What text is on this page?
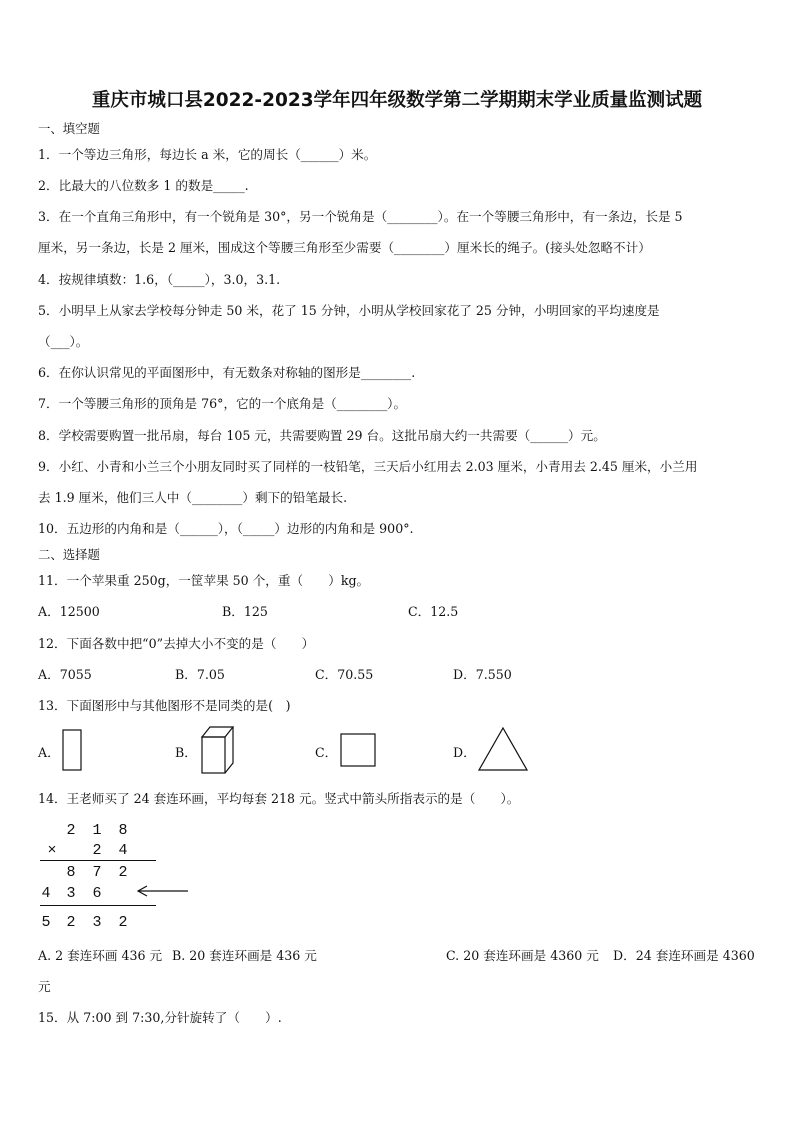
重庆市城口县2022-2023学年四年级数学第二学期期末学业质量监测试题
一、填空题
1．一个等边三角形，每边长 a 米，它的周长（______）米。
2．比最大的八位数多 1 的数是_____.
3．在一个直角三角形中，有一个锐角是 30°，另一个锐角是（________）。在一个等腰三角形中，有一条边，长是 5
厘米，另一条边，长是 2 厘米，围成这个等腰三角形至少需要（________）厘米长的绳子。(接头处忽略不计）
4．按规律填数：1.6，（_____），3.0，3.1.
5．小明早上从家去学校每分钟走 50 米，花了 15 分钟，小明从学校回家花了 25 分钟，小明回家的平均速度是
（___）。
6．在你认识常见的平面图形中，有无数条对称轴的图形是________.
7．一个等腰三角形的顶角是 76°，它的一个底角是（________）。
8．学校需要购置一批吊扇，每台 105 元，共需要购置 29 台。这批吊扇大约一共需要（______）元。
9．小红、小青和小兰三个小朋友同时买了同样的一枝铅笔，三天后小红用去 2.03 厘米，小青用去 2.45 厘米，小兰用
去 1.9 厘米，他们三人中（________）剩下的铅笔最长.
10．五边形的内角和是（______），（_____）边形的内角和是 900°.
二、选择题
11．一个苹果重 250g，一筐苹果 50 个，重（　　）kg。
A．12500	B．125	C．12.5
12．下面各数中把“0”去掉大小不变的是（　　）
A．7055	B．7.05	C．70.55	D．7.550
13．下面图形中与其他图形不是同类的是(　)
A．	B．	C．	D．
14．王老师买了 24 套连环画，平均每套 218 元。竖式中箭头所指表示的是（　　）。
2 1 8
× 2 4
8 7 2
4 3 6
5 2 3 2
A. 2 套连环画 436 元 B. 20 套连环画是 436 元	C. 20 套连环画是 4360 元 D．24 套连环画是 4360
元
15．从 7:00 到 7:30,分针旋转了（　　）.
